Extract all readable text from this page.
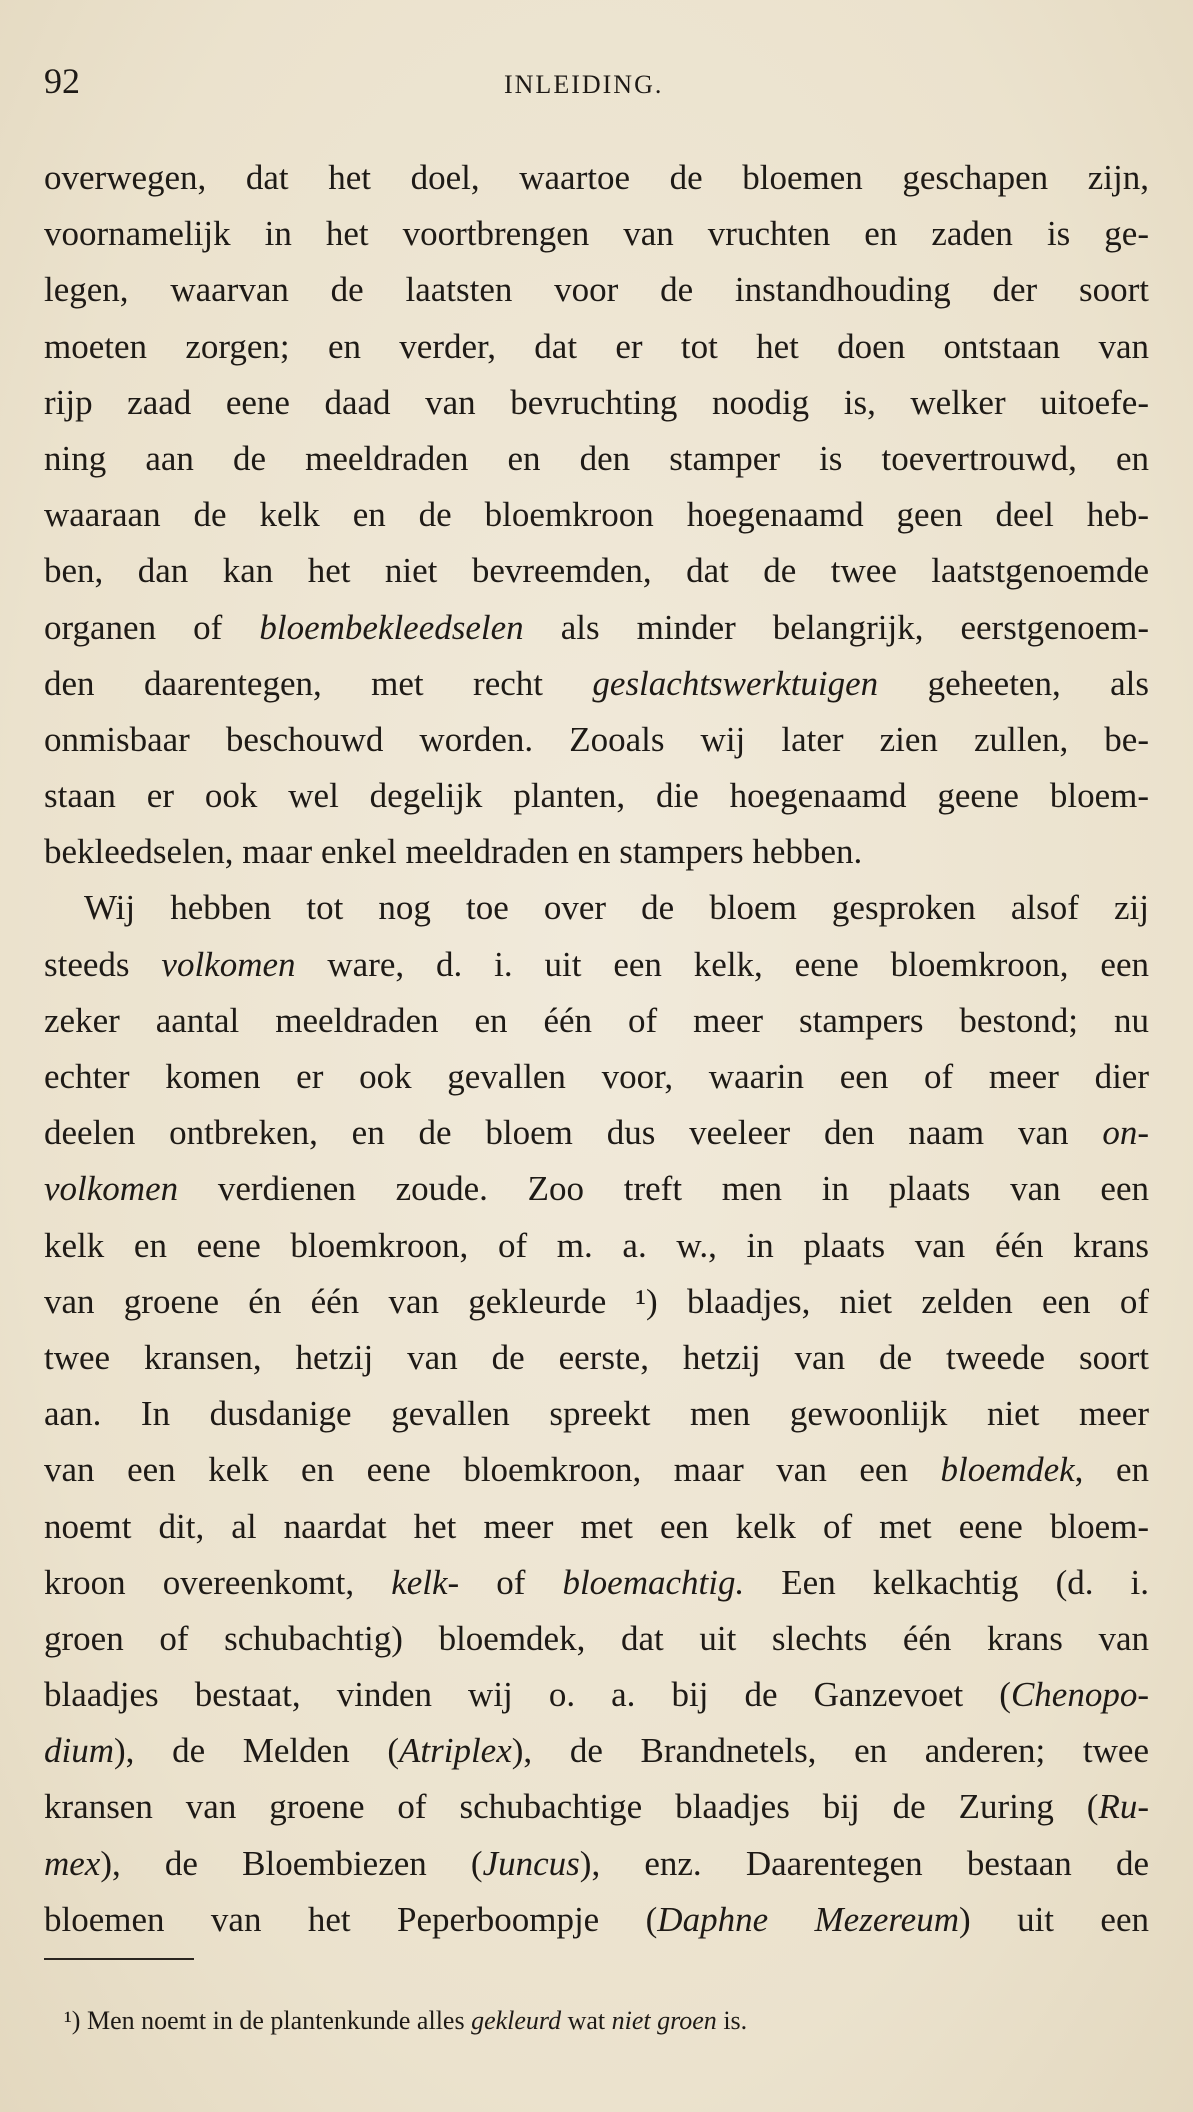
92	INLEIDING.
overwegen, dat het doel, waartoe de bloemen geschapen zijn,
voornamelijk in het voortbrengen van vruchten en zaden is ge-
legen, waarvan de laatsten voor de instandhouding der soort
moeten zorgen; en verder, dat er tot het doen ontstaan van
rijp zaad eene daad van bevruchting noodig is, welker uitoefe-
ning aan de meeldraden en den stamper is toevertrouwd, en
waaraan de kelk en de bloemkroon hoegenaamd geen deel heb-
ben, dan kan het niet bevreemden, dat de twee laatstgenoemde
organen of bloembekleedselen als minder belangrijk, eerstgenoem-
den daarentegen, met recht geslachtswerktuigen geheeten, als
onmisbaar beschouwd worden. Zooals wij later zien zullen, be-
staan er ook wel degelijk planten, die hoegenaamd geene bloem-
bekleedselen, maar enkel meeldraden en stampers hebben.
Wij hebben tot nog toe over de bloem gesproken alsof zij
steeds volkomen ware, d. i. uit een kelk, eene bloemkroon, een
zeker aantal meeldraden en één of meer stampers bestond; nu
echter komen er ook gevallen voor, waarin een of meer dier
deelen ontbreken, en de bloem dus veeleer den naam van on-
volkomen verdienen zoude. Zoo treft men in plaats van een
kelk en eene bloemkroon, of m. a. w., in plaats van één krans
van groene én één van gekleurde ¹) blaadjes, niet zelden een of
twee kransen, hetzij van de eerste, hetzij van de tweede soort
aan. In dusdanige gevallen spreekt men gewoonlijk niet meer
van een kelk en eene bloemkroon, maar van een bloemdek, en
noemt dit, al naardat het meer met een kelk of met eene bloem-
kroon overeenkomt, kelk- of bloemachtig. Een kelkachtig (d. i.
groen of schubachtig) bloemdek, dat uit slechts één krans van
blaadjes bestaat, vinden wij o. a. bij de Ganzevoet (Chenopo-
dium), de Melden (Atriplex), de Brandnetels, en anderen; twee
kransen van groene of schubachtige blaadjes bij de Zuring (Ru-
mex), de Bloembiezen (Juncus), enz. Daarentegen bestaan de
bloemen van het Peperboompje (Daphne Mezereum) uit een
¹) Men noemt in de plantenkunde alles gekleurd wat niet groen is.
